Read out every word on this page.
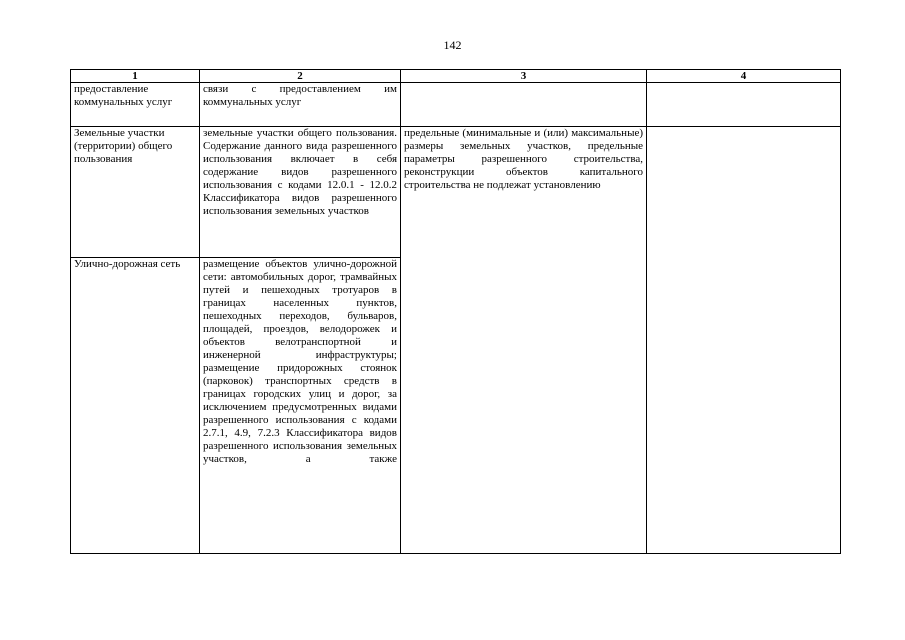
142
1	2	3	4
предоставление коммунальных услуг	связи с предоставлением им коммунальных услуг		
Земельные участки (территории) общего пользования	земельные участки общего пользования. Содержание данного вида разрешенного использования включает в себя содержание видов разрешенного использования с кодами 12.0.1 - 12.0.2 Классификатора видов разрешенного использования земельных участков	предельные (минимальные и (или) максимальные) размеры земельных участков, предельные параметры разрешенного строительства, реконструкции объектов капитального строительства не подлежат установлению	
Улично-дорожная сеть	размещение объектов улично-дорожной сети: автомобильных дорог, трамвайных путей и пешеходных тротуаров в границах населенных пунктов, пешеходных переходов, бульваров, площадей, проездов, велодорожек и объектов велотранспортной и инженерной инфраструктуры; размещение придорожных стоянок (парковок) транспортных средств в границах городских улиц и дорог, за исключением предусмотренных видами разрешенного использования с кодами 2.7.1, 4.9, 7.2.3 Классификатора видов разрешенного использования земельных участков, а также		
